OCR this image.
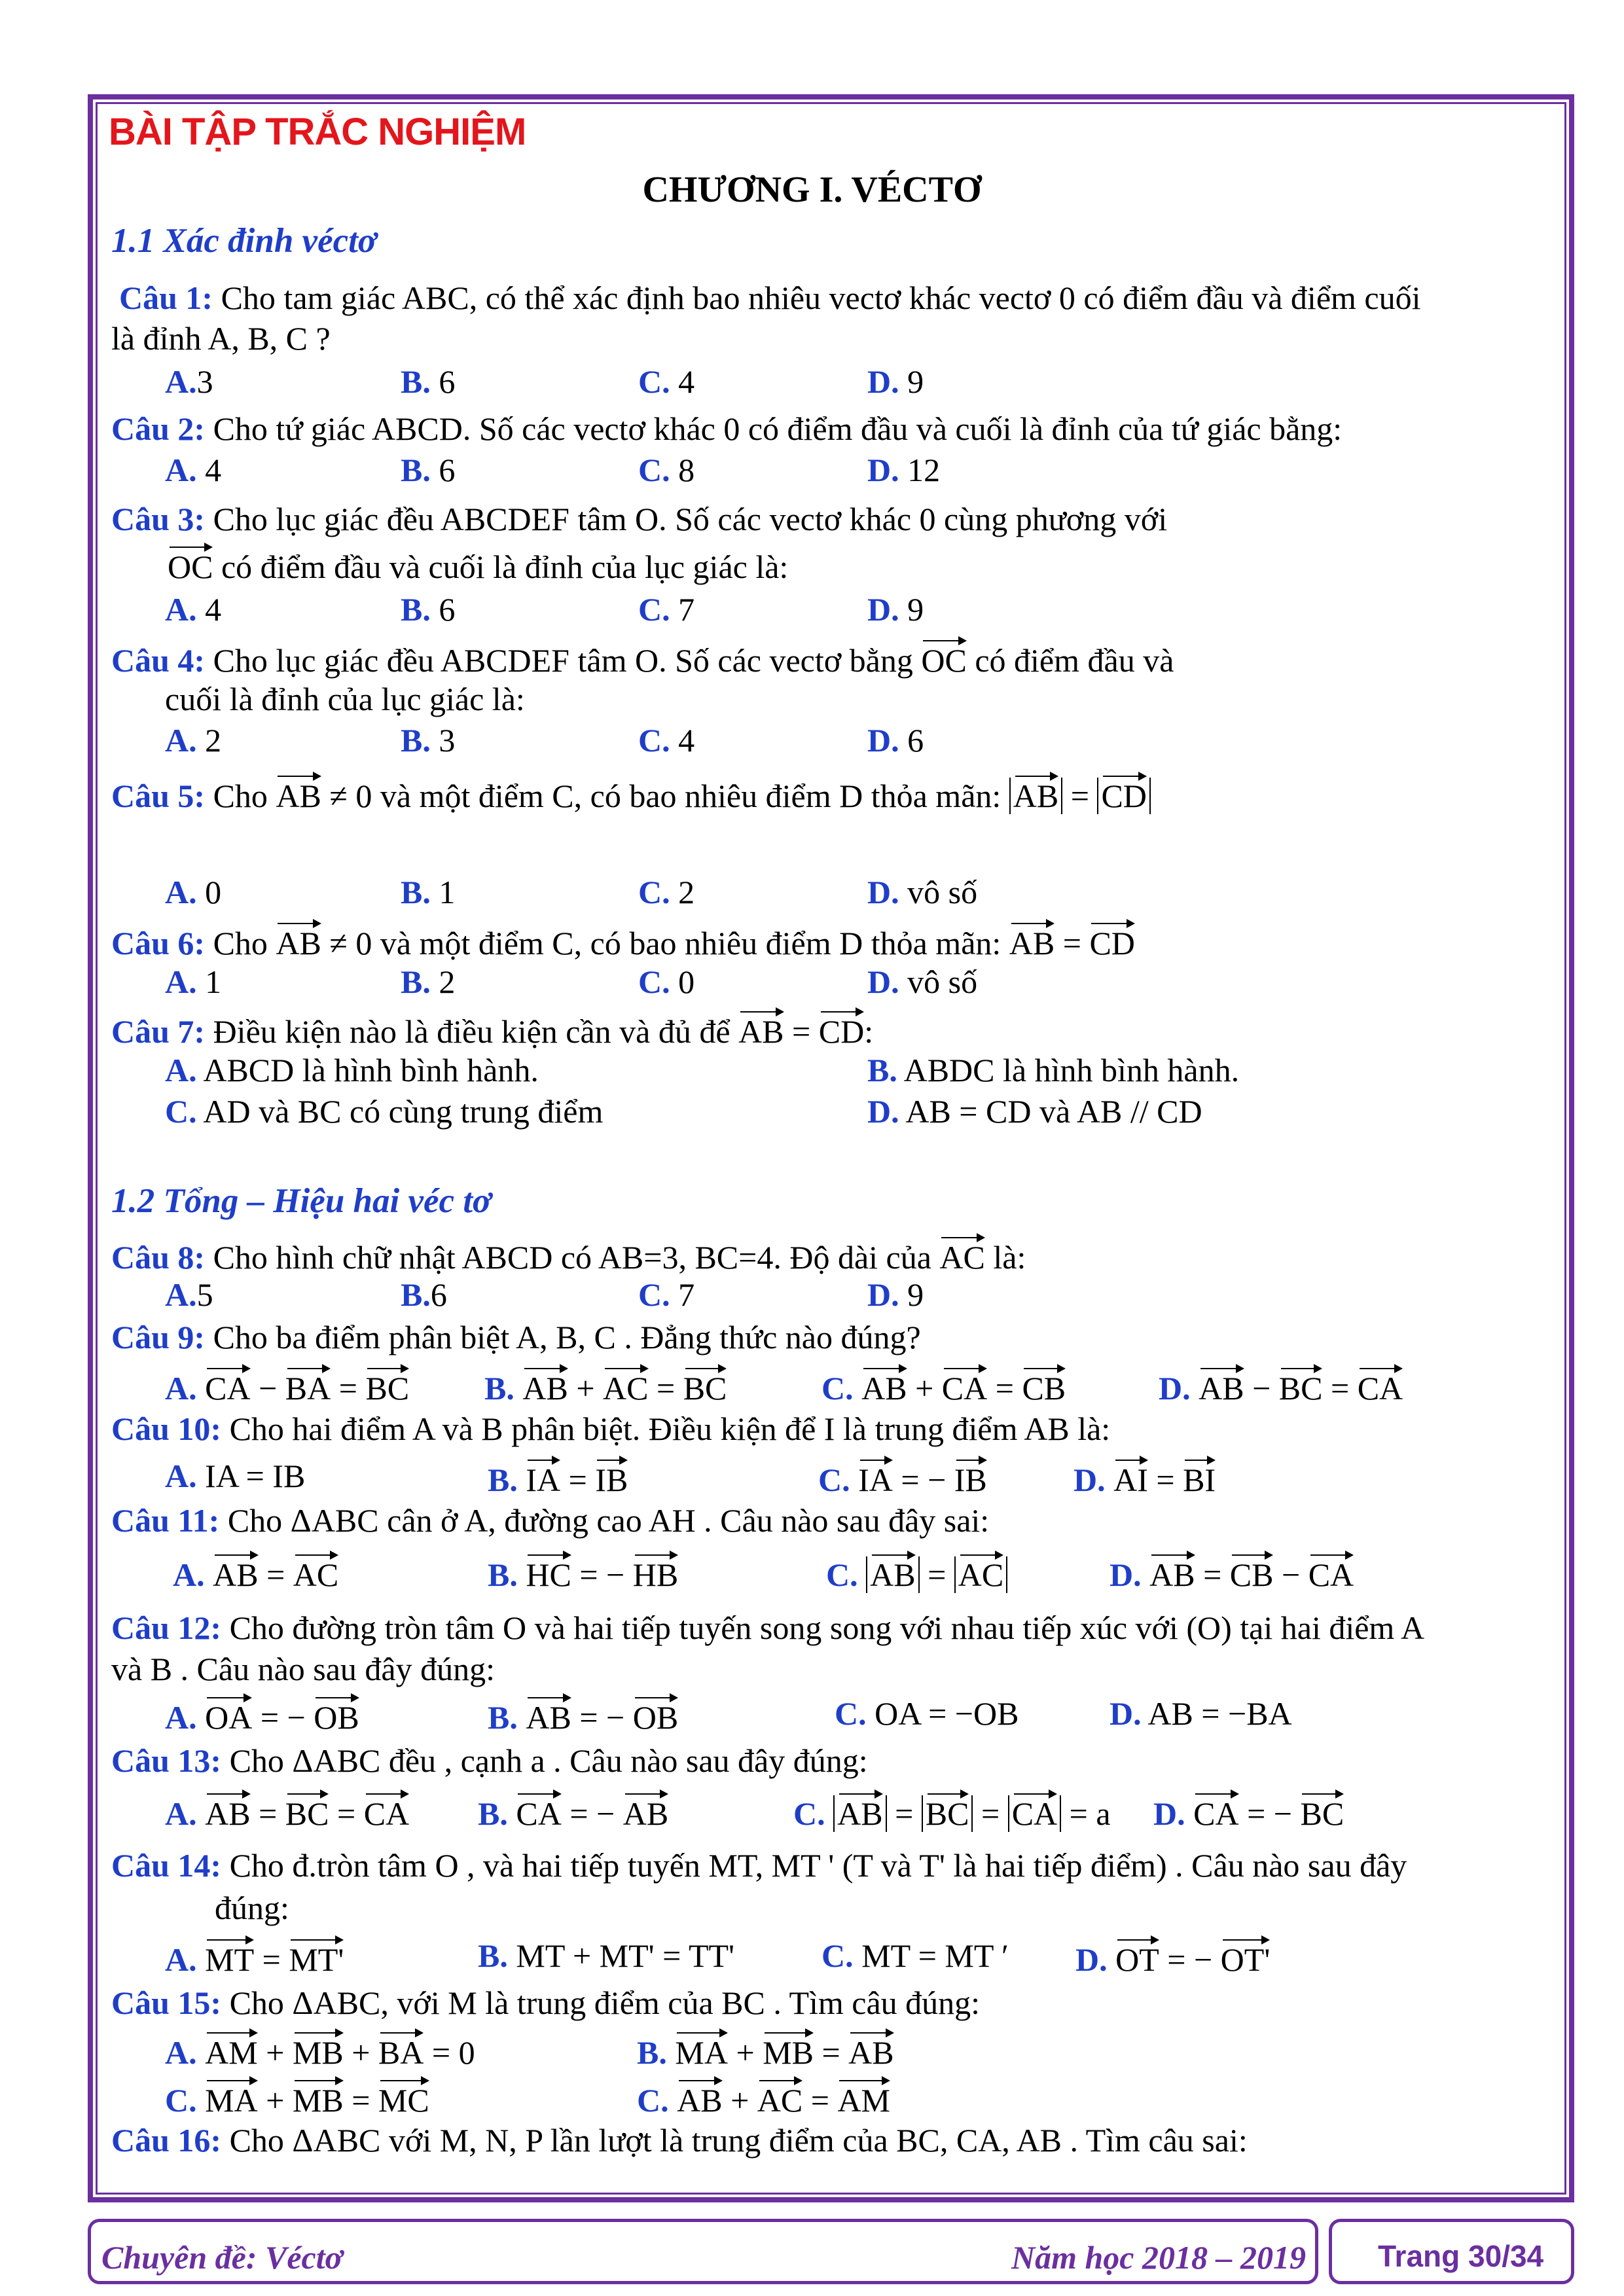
BÀI TẬP TRẮC NGHIỆM
CHƯƠNG I. VÉCTƠ
1.1 Xác đinh véctơ
Câu 1: Cho tam giác ABC, có thể xác định bao nhiêu vectơ khác vectơ 0 có điểm đầu và điểm cuối
là đỉnh A, B, C ?
A.3	B. 6	C. 4	D. 9
Câu 2: Cho tứ giác ABCD. Số các vectơ khác 0 có điểm đầu và cuối là đỉnh của tứ giác bằng:
A. 4	B. 6	C. 8	D. 12
Câu 3: Cho lục giác đều ABCDEF tâm O. Số các vectơ khác 0 cùng phương với
OC có điểm đầu và cuối là đỉnh của lục giác là:
A. 4	B. 6	C. 7	D. 9
Câu 4: Cho lục giác đều ABCDEF tâm O. Số các vectơ bằng OC có điểm đầu và
cuối là đỉnh của lục giác là:
A. 2	B. 3	C. 4	D. 6
Câu 5: Cho AB ≠ 0 và một điểm C, có bao nhiêu điểm D thỏa mãn: AB = CD
A. 0	B. 1	C. 2	D. vô số
Câu 6: Cho AB ≠ 0 và một điểm C, có bao nhiêu điểm D thỏa mãn: AB = CD
A. 1	B. 2	C. 0	D. vô số
Câu 7: Điều kiện nào là điều kiện cần và đủ để AB = CD:
A. ABCD là hình bình hành.	B. ABDC là hình bình hành.
C. AD và BC có cùng trung điểm	D. AB = CD và AB // CD
1.2 Tổng – Hiệu hai véc tơ
Câu 8: Cho hình chữ nhật ABCD có AB=3, BC=4. Độ dài của AC là:
A.5	B.6	C. 7	D. 9
Câu 9: Cho ba điểm phân biệt A, B, C . Đẳng thức nào đúng?
A. CA − BA = BC B. AB + AC = BC	C. AB + CA = CB	D. AB − BC = CA
Câu 10: Cho hai điểm A và B phân biệt. Điều kiện để I là trung điểm AB là:
A. IA = IB	B. IA = IB	C. IA = − IB	D. AI = BI
Câu 11: Cho ΔABC cân ở A, đường cao AH . Câu nào sau đây sai:
A. AB = AC	B. HC = − HB	C. AB = AC	D. AB = CB − CA
Câu 12: Cho đường tròn tâm O và hai tiếp tuyến song song với nhau tiếp xúc với (O) tại hai điểm A
và B . Câu nào sau đây đúng:
A. OA = − OB	B. AB = − OB	C. OA = −OB	D. AB = −BA
Câu 13: Cho ΔABC đều , cạnh a . Câu nào sau đây đúng:
A. AB = BC = CA B. CA = − AB	C. AB = BC = CA = a D. CA = − BC
Câu 14: Cho đ.tròn tâm O , và hai tiếp tuyến MT, MT ' (T và T' là hai tiếp điểm) . Câu nào sau đây
đúng:
A. MT = MT'	B. MT + MT' = TT'	C. MT = MT ′ D. OT = − OT'
Câu 15: Cho ΔABC, với M là trung điểm của BC . Tìm câu đúng:
A. AM + MB + BA = 0	B. MA + MB = AB
C. MA + MB = MC	C. AB + AC = AM
Câu 16: Cho ΔABC với M, N, P lần lượt là trung điểm của BC, CA, AB . Tìm câu sai:
Chuyên đề: Véctơ	Năm học 2018 – 2019 Trang 30/34
